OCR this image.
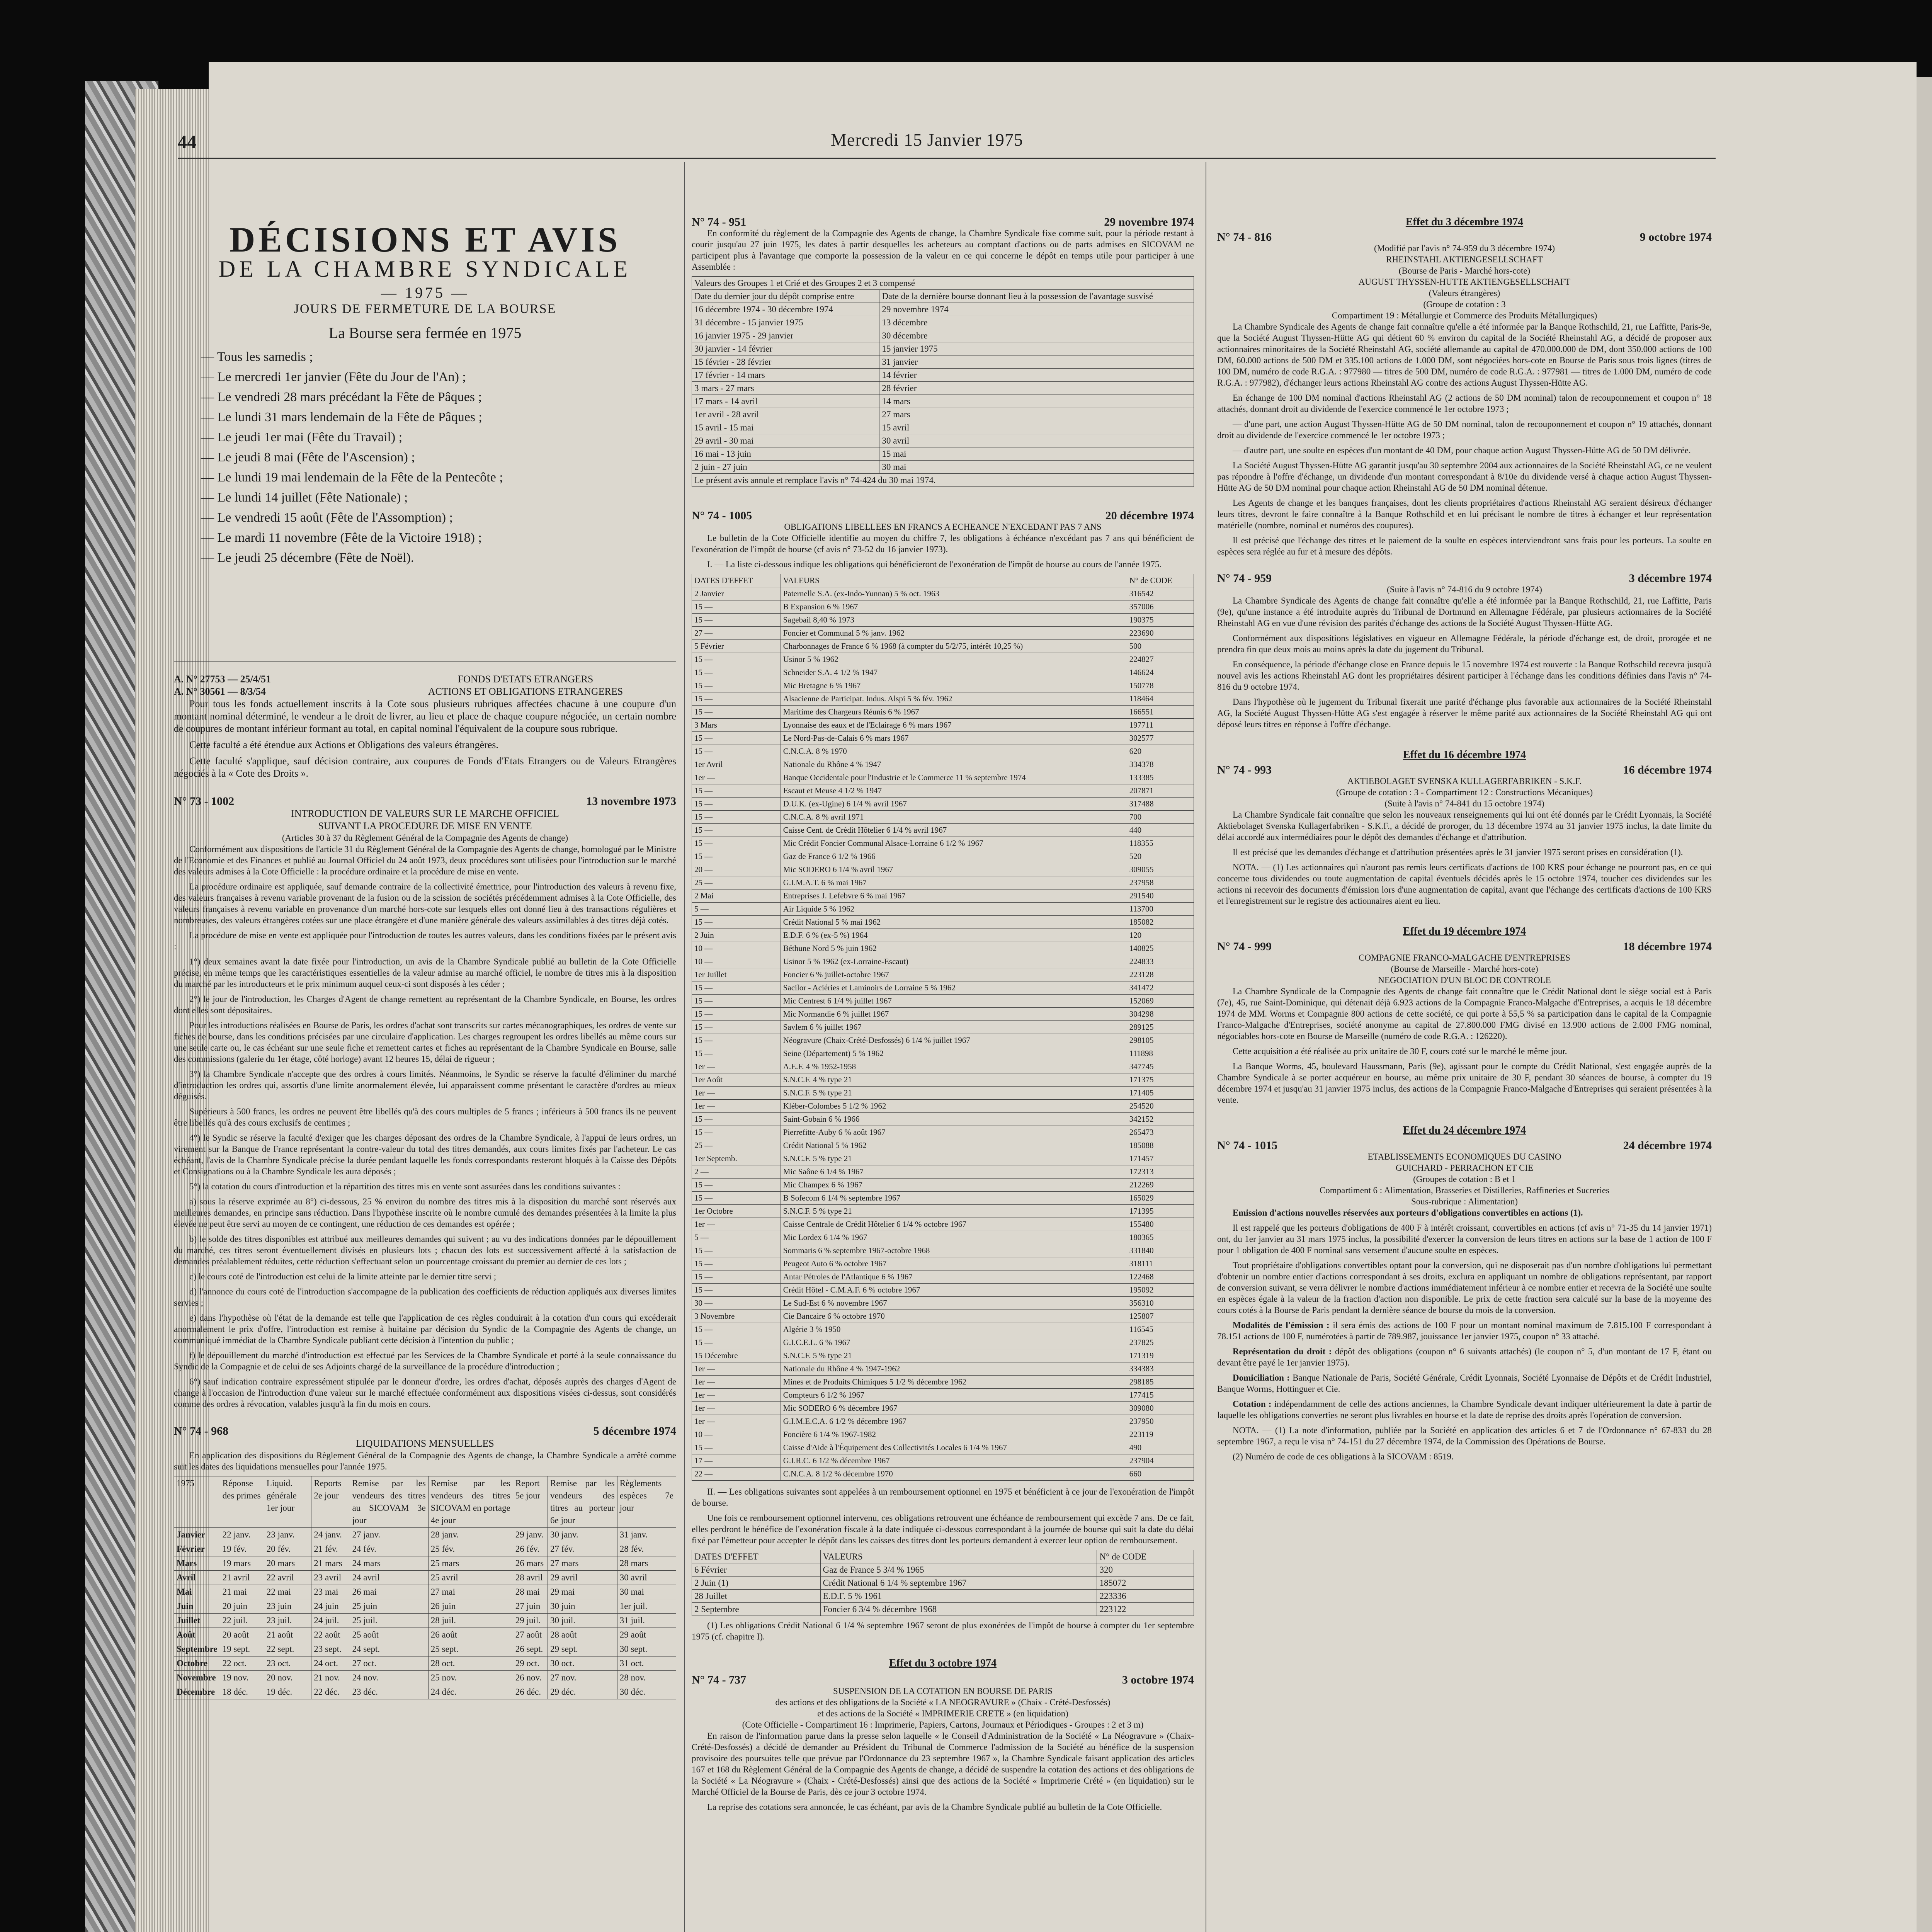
44	Mercredi 15 Janvier 1975
DÉCISIONS ET AVIS
DE LA CHAMBRE SYNDICALE
— 1975 —
JOURS DE FERMETURE DE LA BOURSE
La Bourse sera fermée en 1975
— Tous les samedis ;
— Le mercredi 1er janvier (Fête du Jour de l'An) ;
— Le vendredi 28 mars précédant la Fête de Pâques ;
— Le lundi 31 mars lendemain de la Fête de Pâques ;
— Le jeudi 1er mai (Fête du Travail) ;
— Le jeudi 8 mai (Fête de l'Ascension) ;
— Le lundi 19 mai lendemain de la Fête de la Pentecôte ;
— Le lundi 14 juillet (Fête Nationale) ;
— Le vendredi 15 août (Fête de l'Assomption) ;
— Le mardi 11 novembre (Fête de la Victoire 1918) ;
— Le jeudi 25 décembre (Fête de Noël).
A. N° 27753 — 25/4/51
A. N° 30561 — 8/3/54
FONDS D'ETATS ETRANGERS
ACTIONS ET OBLIGATIONS ETRANGERES

Pour tous les fonds actuellement inscrits à la Cote sous plusieurs rubriques affectées chacune à une coupure d'un montant nominal déterminé, le vendeur a le droit de livrer, au lieu et place de chaque coupure négociée, un certain nombre de coupures de montant inférieur formant au total, en capital nominal l'équivalent de la coupure sous rubrique.

Cette faculté a été étendue aux Actions et Obligations des valeurs étrangères.

Cette faculté s'applique, sauf décision contraire, aux coupures de Fonds d'Etats Etrangers ou de Valeurs Etrangères négociés à la « Cote des Droits ».

N° 73 - 1002	13 novembre 1973
INTRODUCTION DE VALEURS SUR LE MARCHE OFFICIEL
SUIVANT LA PROCEDURE DE MISE EN VENTE
(Articles 30 à 37 du Règlement Général de la Compagnie des Agents de change)

Conformément aux dispositions de l'article 31 du Règlement Général de la Compagnie des Agents de change, homologué par le Ministre de l'Economie et des Finances et publié au Journal Officiel du 24 août 1973, deux procédures sont utilisées pour l'introduction sur le marché des valeurs admises à la Cote Officielle : la procédure ordinaire et la procédure de mise en vente.

La procédure ordinaire est appliquée, sauf demande contraire de la collectivité émettrice, pour l'introduction des valeurs à revenu fixe, des valeurs françaises à revenu variable provenant de la fusion ou de la scission de sociétés précédemment admises à la Cote Officielle, des valeurs françaises à revenu variable en provenance d'un marché hors-cote sur lesquels elles ont donné lieu à des transactions régulières et nombreuses, des valeurs étrangères cotées sur une place étrangère et d'une manière générale des valeurs assimilables à des titres déjà cotés.

La procédure de mise en vente est appliquée pour l'introduction de toutes les autres valeurs, dans les conditions fixées par le présent avis :

1°) deux semaines avant la date fixée pour l'introduction, un avis de la Chambre Syndicale publié au bulletin de la Cote Officielle précise, en même temps que les caractéristiques essentielles de la valeur admise au marché officiel, le nombre de titres mis à la disposition du marché par les introducteurs et le prix minimum auquel ceux-ci sont disposés à les céder ;

2°) le jour de l'introduction, les Charges d'Agent de change remettent au représentant de la Chambre Syndicale, en Bourse, les ordres dont elles sont dépositaires.

Pour les introductions réalisées en Bourse de Paris, les ordres d'achat sont transcrits sur cartes mécanographiques, les ordres de vente sur fiches de bourse, dans les conditions précisées par une circulaire d'application. Les charges regroupent les ordres libellés au même cours sur une seule carte ou, le cas échéant sur une seule fiche et remettent cartes et fiches au représentant de la Chambre Syndicale en Bourse, salle des commissions (galerie du 1er étage, côté horloge) avant 12 heures 15, délai de rigueur ;

3°) la Chambre Syndicale n'accepte que des ordres à cours limités. Néanmoins, le Syndic se réserve la faculté d'éliminer du marché d'introduction les ordres qui, assortis d'une limite anormalement élevée, lui apparaissent comme présentant le caractère d'ordres au mieux déguisés.

Supérieurs à 500 francs, les ordres ne peuvent être libellés qu'à des cours multiples de 5 francs ; inférieurs à 500 francs ils ne peuvent être libellés qu'à des cours exclusifs de centimes ;

4°) le Syndic se réserve la faculté d'exiger que les charges déposant des ordres de la Chambre Syndicale, à l'appui de leurs ordres, un virement sur la Banque de France représentant la contre-valeur du total des titres demandés, aux cours limites fixés par l'acheteur. Le cas échéant, l'avis de la Chambre Syndicale précise la durée pendant laquelle les fonds correspondants resteront bloqués à la Caisse des Dépôts et Consignations ou à la Chambre Syndicale les aura déposés ;

5°) la cotation du cours d'introduction et la répartition des titres mis en vente sont assurées dans les conditions suivantes :

a) sous la réserve exprimée au 8°) ci-dessous, 25 % environ du nombre des titres mis à la disposition du marché sont réservés aux meilleures demandes, en principe sans réduction. Dans l'hypothèse inscrite où le nombre cumulé des demandes présentées à la limite la plus élevée ne peut être servi au moyen de ce contingent, une réduction de ces demandes est opérée ;

b) le solde des titres disponibles est attribué aux meilleures demandes qui suivent ; au vu des indications données par le dépouillement du marché, ces titres seront éventuellement divisés en plusieurs lots ; chacun des lots est successivement affecté à la satisfaction de demandes préalablement réduites, cette réduction s'effectuant selon un pourcentage croissant du premier au dernier de ces lots ;

c) le cours coté de l'introduction est celui de la limite atteinte par le dernier titre servi ;

d) l'annonce du cours coté de l'introduction s'accompagne de la publication des coefficients de réduction appliqués aux diverses limites servies ;

e) dans l'hypothèse où l'état de la demande est telle que l'application de ces règles conduirait à la cotation d'un cours qui excéderait anormalement le prix d'offre, l'introduction est remise à huitaine par décision du Syndic de la Compagnie des Agents de change, un communiqué immédiat de la Chambre Syndicale publiant cette décision à l'intention du public ;

f) le dépouillement du marché d'introduction est effectué par les Services de la Chambre Syndicale et porté à la seule connaissance du Syndic de la Compagnie et de celui de ses Adjoints chargé de la surveillance de la procédure d'introduction ;

6°) sauf indication contraire expressément stipulée par le donneur d'ordre, les ordres d'achat, déposés auprès des charges d'Agent de change à l'occasion de l'introduction d'une valeur sur le marché effectuée conformément aux dispositions visées ci-dessus, sont considérés comme des ordres à révocation, valables jusqu'à la fin du mois en cours.

N° 74 - 968	5 décembre 1974
LIQUIDATIONS MENSUELLES

En application des dispositions du Règlement Général de la Compagnie des Agents de change, la Chambre Syndicale a arrêté comme suit les dates des liquidations mensuelles pour l'année 1975.

1975	Réponse des primes	Liquid. générale 1er jour	Reports 2e jour	Remise par les vendeurs des titres au SICOVAM 3e jour	Remise par les vendeurs des titres SICOVAM en portage 4e jour	Report 5e jour	Remise par les vendeurs des titres au porteur 6e jour	Règlements espèces 7e jour
Janvier	22 janv.	23 janv.	24 janv.	27 janv.	28 janv.	29 janv.	30 janv.	31 janv.
Février	19 fév.	20 fév.	21 fév.	24 fév.	25 fév.	26 fév.	27 fév.	28 fév.
Mars	19 mars	20 mars	21 mars	24 mars	25 mars	26 mars	27 mars	28 mars
Avril	21 avril	22 avril	23 avril	24 avril	25 avril	28 avril	29 avril	30 avril
Mai	21 mai	22 mai	23 mai	26 mai	27 mai	28 mai	29 mai	30 mai
Juin	20 juin	23 juin	24 juin	25 juin	26 juin	27 juin	30 juin	1er juil.
Juillet	22 juil.	23 juil.	24 juil.	25 juil.	28 juil.	29 juil.	30 juil.	31 juil.
Août	20 août	21 août	22 août	25 août	26 août	27 août	28 août	29 août
Septembre	19 sept.	22 sept.	23 sept.	24 sept.	25 sept.	26 sept.	29 sept.	30 sept.
Octobre	22 oct.	23 oct.	24 oct.	27 oct.	28 oct.	29 oct.	30 oct.	31 oct.
Novembre	19 nov.	20 nov.	21 nov.	24 nov.	25 nov.	26 nov.	27 nov.	28 nov.
Décembre	18 déc.	19 déc.	22 déc.	23 déc.	24 déc.	26 déc.	29 déc.	30 déc.
N° 74 - 951	29 novembre 1974

En conformité du règlement de la Compagnie des Agents de change, la Chambre Syndicale fixe comme suit, pour la période restant à courir jusqu'au 27 juin 1975, les dates à partir desquelles les acheteurs au comptant d'actions ou de parts admises en SICOVAM ne participent plus à l'avantage que comporte la possession de la valeur en ce qui concerne le dépôt en temps utile pour participer à une Assemblée :

Valeurs des Groupes 1 et Crié et des Groupes 2 et 3 compensé	
Date du dernier jour du dépôt comprise entre	Date de la dernière bourse donnant lieu à la possession de l'avantage susvisé
16 décembre 1974 - 30 décembre 1974	29 novembre 1974
31 décembre - 15 janvier 1975	13 décembre
16 janvier 1975 - 29 janvier	30 décembre
30 janvier - 14 février	15 janvier 1975
15 février - 28 février	31 janvier
17 février - 14 mars	14 février
3 mars - 27 mars	28 février
17 mars - 14 avril	14 mars
1er avril - 28 avril	27 mars
15 avril - 15 mai	15 avril
29 avril - 30 mai	30 avril
16 mai - 13 juin	15 mai
2 juin - 27 juin	30 mai
Le présent avis annule et remplace l'avis n° 74-424 du 30 mai 1974.	
N° 74 - 1005	20 décembre 1974
OBLIGATIONS LIBELLEES EN FRANCS A ECHEANCE N'EXCEDANT PAS 7 ANS

Le bulletin de la Cote Officielle identifie au moyen du chiffre 7, les obligations à échéance n'excédant pas 7 ans qui bénéficient de l'exonération de l'impôt de bourse (cf avis n° 73-52 du 16 janvier 1973).

I. — La liste ci-dessous indique les obligations qui bénéficieront de l'exonération de l'impôt de bourse au cours de l'année 1975.

DATES D'EFFET	VALEURS	N° de CODE
2 Janvier	Paternelle S.A. (ex-Indo-Yunnan) 5 % oct. 1963	316542
15 —	B Expansion 6 % 1967	357006
15 —	Sagebail 8,40 % 1973	190375
27 —	Foncier et Communal 5 % janv. 1962	223690
5 Février	Charbonnages de France 6 % 1968 (à compter du 5/2/75, intérêt 10,25 %)	500
15 —	Usinor 5 % 1962	224827
15 —	Schneider S.A. 4 1/2 % 1947	146624
15 —	Mic Bretagne 6 % 1967	150778
15 —	Alsacienne de Participat. Indus. Alspi 5 % fév. 1962	118464
15 —	Maritime des Chargeurs Réunis 6 % 1967	166551
3 Mars	Lyonnaise des eaux et de l'Eclairage 6 % mars 1967	197711
15 —	Le Nord-Pas-de-Calais 6 % mars 1967	302577
15 —	C.N.C.A. 8 % 1970	620
1er Avril	Nationale du Rhône 4 % 1947	334378
1er —	Banque Occidentale pour l'Industrie et le Commerce 11 % septembre 1974	133385
15 —	Escaut et Meuse 4 1/2 % 1947	207871
15 —	D.U.K. (ex-Ugine) 6 1/4 % avril 1967	317488
15 —	C.N.C.A. 8 % avril 1971	700
15 —	Caisse Cent. de Crédit Hôtelier 6 1/4 % avril 1967	440
15 —	Mic Crédit Foncier Communal Alsace-Lorraine 6 1/2 % 1967	118355
15 —	Gaz de France 6 1/2 % 1966	520
20 —	Mic SODERO 6 1/4 % avril 1967	309055
25 —	G.I.M.A.T. 6 % mai 1967	237958
2 Mai	Entreprises J. Lefebvre 6 % mai 1967	291540
5 —	Air Liquide 5 % 1962	113700
15 —	Crédit National 5 % mai 1962	185082
2 Juin	E.D.F. 6 % (ex-5 %) 1964	120
10 —	Béthune Nord 5 % juin 1962	140825
10 —	Usinor 5 % 1962 (ex-Lorraine-Escaut)	224833
1er Juillet	Foncier 6 % juillet-octobre 1967	223128
15 —	Sacilor - Aciéries et Laminoirs de Lorraine 5 % 1962	341472
15 —	Mic Centrest 6 1/4 % juillet 1967	152069
15 —	Mic Normandie 6 % juillet 1967	304298
15 —	Savlem 6 % juillet 1967	289125
15 —	Néogravure (Chaix-Crété-Desfossés) 6 1/4 % juillet 1967	298105
15 —	Seine (Département) 5 % 1962	111898
1er —	A.E.F. 4 % 1952-1958	347745
1er Août	S.N.C.F. 4 % type 21	171375
1er —	S.N.C.F. 5 % type 21	171405
1er —	Kléber-Colombes 5 1/2 % 1962	254520
15 —	Saint-Gobain 6 % 1966	342152
15 —	Pierrefitte-Auby 6 % août 1967	265473
25 —	Crédit National 5 % 1962	185088
1er Septemb.	S.N.C.F. 5 % type 21	171457
2 —	Mic Saône 6 1/4 % 1967	172313
15 —	Mic Champex 6 % 1967	212269
15 —	B Sofecom 6 1/4 % septembre 1967	165029
1er Octobre	S.N.C.F. 5 % type 21	171395
1er —	Caisse Centrale de Crédit Hôtelier 6 1/4 % octobre 1967	155480
5 —	Mic Lordex 6 1/4 % 1967	180365
15 —	Sommaris 6 % septembre 1967-octobre 1968	331840
15 —	Peugeot Auto 6 % octobre 1967	318111
15 —	Antar Pétroles de l'Atlantique 6 % 1967	122468
15 —	Crédit Hôtel - C.M.A.F. 6 % octobre 1967	195092
30 —	Le Sud-Est 6 % novembre 1967	356310
3 Novembre	Cie Bancaire 6 % octobre 1970	125807
15 —	Algérie 3 % 1950	116545
15 —	G.I.C.E.L. 6 % 1967	237825
15 Décembre	S.N.C.F. 5 % type 21	171319
1er —	Nationale du Rhône 4 % 1947-1962	334383
1er —	Mines et de Produits Chimiques 5 1/2 % décembre 1962	298185
1er —	Compteurs 6 1/2 % 1967	177415
1er —	Mic SODERO 6 % décembre 1967	309080
1er —	G.I.M.E.C.A. 6 1/2 % décembre 1967	237950
10 —	Foncière 6 1/4 % 1967-1982	223119
15 —	Caisse d'Aide à l'Équipement des Collectivités Locales 6 1/4 % 1967	490
17 —	G.I.R.C. 6 1/2 % décembre 1967	237904
22 —	C.N.C.A. 8 1/2 % décembre 1970	660

II. — Les obligations suivantes sont appelées à un remboursement optionnel en 1975 et bénéficient à ce jour de l'exonération de l'impôt de bourse.

Une fois ce remboursement optionnel intervenu, ces obligations retrouvent une échéance de remboursement qui excède 7 ans. De ce fait, elles perdront le bénéfice de l'exonération fiscale à la date indiquée ci-dessous correspondant à la journée de bourse qui suit la date du délai fixé par l'émetteur pour accepter le dépôt dans les caisses des titres dont les porteurs demandent à exercer leur option de remboursement.

DATES D'EFFET	VALEURS	N° de CODE
6 Février	Gaz de France 5 3/4 % 1965	320
2 Juin (1)	Crédit National 6 1/4 % septembre 1967	185072
28 Juillet	E.D.F. 5 % 1961	223336
2 Septembre	Foncier 6 3/4 % décembre 1968	223122

(1) Les obligations Crédit National 6 1/4 % septembre 1967 seront de plus exonérées de l'impôt de bourse à compter du 1er septembre 1975 (cf. chapitre I).

Effet du 3 octobre 1974
N° 74 - 737	3 octobre 1974
SUSPENSION DE LA COTATION EN BOURSE DE PARIS
des actions et des obligations de la Société « LA NEOGRAVURE » (Chaix - Crété-Desfossés)
et des actions de la Société « IMPRIMERIE CRETE » (en liquidation)
(Cote Officielle - Compartiment 16 : Imprimerie, Papiers, Cartons, Journaux et Périodiques - Groupes : 2 et 3 m)

En raison de l'information parue dans la presse selon laquelle « le Conseil d'Administration de la Société « La Néogravure » (Chaix-Crété-Desfossés) a décidé de demander au Président du Tribunal de Commerce l'admission de la Société au bénéfice de la suspension provisoire des poursuites telle que prévue par l'Ordonnance du 23 septembre 1967 », la Chambre Syndicale faisant application des articles 167 et 168 du Règlement Général de la Compagnie des Agents de change, a décidé de suspendre la cotation des actions et des obligations de la Société « La Néogravure » (Chaix - Crété-Desfossés) ainsi que des actions de la Société « Imprimerie Crété » (en liquidation) sur le Marché Officiel de la Bourse de Paris, dès ce jour 3 octobre 1974.

La reprise des cotations sera annoncée, le cas échéant, par avis de la Chambre Syndicale publié au bulletin de la Cote Officielle.

Effet du 3 décembre 1974
N° 74 - 816	9 octobre 1974
(Modifié par l'avis n° 74-959 du 3 décembre 1974)
RHEINSTAHL AKTIENGESELLSCHAFT
(Bourse de Paris - Marché hors-cote)
AUGUST THYSSEN-HUTTE AKTIENGESELLSCHAFT
(Valeurs étrangères)
(Groupe de cotation : 3
Compartiment 19 : Métallurgie et Commerce des Produits Métallurgiques)

La Chambre Syndicale des Agents de change fait connaître qu'elle a été informée par la Banque Rothschild, 21, rue Laffitte, Paris-9e, que la Société August Thyssen-Hütte AG qui détient 60 % environ du capital de la Société Rheinstahl AG, a décidé de proposer aux actionnaires minoritaires de la Société Rheinstahl AG, société allemande au capital de 470.000.000 de DM, dont 350.000 actions de 100 DM, 60.000 actions de 500 DM et 335.100 actions de 1.000 DM, sont négociées hors-cote en Bourse de Paris sous trois lignes (titres de 100 DM, numéro de code R.G.A. : 977980 — titres de 500 DM, numéro de code R.G.A. : 977981 — titres de 1.000 DM, numéro de code R.G.A. : 977982), d'échanger leurs actions Rheinstahl AG contre des actions August Thyssen-Hütte AG.

En échange de 100 DM nominal d'actions Rheinstahl AG (2 actions de 50 DM nominal) talon de recouponnement et coupon n° 18 attachés, donnant droit au dividende de l'exercice commencé le 1er octobre 1973 ;

— d'une part, une action August Thyssen-Hütte AG de 50 DM nominal, talon de recouponnement et coupon n° 19 attachés, donnant droit au dividende de l'exercice commencé le 1er octobre 1973 ;

— d'autre part, une soulte en espèces d'un montant de 40 DM, pour chaque action August Thyssen-Hütte AG de 50 DM délivrée.

La Société August Thyssen-Hütte AG garantit jusqu'au 30 septembre 2004 aux actionnaires de la Société Rheinstahl AG, ce ne veulent pas répondre à l'offre d'échange, un dividende d'un montant correspondant à 8/10e du dividende versé à chaque action August Thyssen-Hütte AG de 50 DM nominal pour chaque action Rheinstahl AG de 50 DM nominal détenue.

Les Agents de change et les banques françaises, dont les clients propriétaires d'actions Rheinstahl AG seraient désireux d'échanger leurs titres, devront le faire connaître à la Banque Rothschild et en lui précisant le nombre de titres à échanger et leur représentation matérielle (nombre, nominal et numéros des coupures).

Il est précisé que l'échange des titres et le paiement de la soulte en espèces interviendront sans frais pour les porteurs. La soulte en espèces sera réglée au fur et à mesure des dépôts.

N° 74 - 959	3 décembre 1974
(Suite à l'avis n° 74-816 du 9 octobre 1974)

La Chambre Syndicale des Agents de change fait connaître qu'elle a été informée par la Banque Rothschild, 21, rue Laffitte, Paris (9e), qu'une instance a été introduite auprès du Tribunal de Dortmund en Allemagne Fédérale, par plusieurs actionnaires de la Société Rheinstahl AG en vue d'une révision des parités d'échange des actions de la Société August Thyssen-Hütte AG.

Conformément aux dispositions législatives en vigueur en Allemagne Fédérale, la période d'échange est, de droit, prorogée et ne prendra fin que deux mois au moins après la date du jugement du Tribunal.

En conséquence, la période d'échange close en France depuis le 15 novembre 1974 est rouverte : la Banque Rothschild recevra jusqu'à nouvel avis les actions Rheinstahl AG dont les propriétaires désirent participer à l'échange dans les conditions définies dans l'avis n° 74-816 du 9 octobre 1974.

Dans l'hypothèse où le jugement du Tribunal fixerait une parité d'échange plus favorable aux actionnaires de la Société Rheinstahl AG, la Société August Thyssen-Hütte AG s'est engagée à réserver le même parité aux actionnaires de la Société Rheinstahl AG qui ont déposé leurs titres en réponse à l'offre d'échange.

Effet du 16 décembre 1974
N° 74 - 993	16 décembre 1974
AKTIEBOLAGET SVENSKA KULLAGERFABRIKEN - S.K.F.
(Groupe de cotation : 3 - Compartiment 12 : Constructions Mécaniques)
(Suite à l'avis n° 74-841 du 15 octobre 1974)

La Chambre Syndicale fait connaître que selon les nouveaux renseignements qui lui ont été donnés par le Crédit Lyonnais, la Société Aktiebolaget Svenska Kullagerfabriken - S.K.F., a décidé de proroger, du 13 décembre 1974 au 31 janvier 1975 inclus, la date limite du délai accordé aux intermédiaires pour le dépôt des demandes d'échange et d'attribution.

Il est précisé que les demandes d'échange et d'attribution présentées après le 31 janvier 1975 seront prises en considération (1).

NOTA. — (1) Les actionnaires qui n'auront pas remis leurs certificats d'actions de 100 KRS pour échange ne pourront pas, en ce qui concerne tous dividendes ou toute augmentation de capital éventuels décidés après le 15 octobre 1974, toucher ces dividendes sur les actions ni recevoir des documents d'émission lors d'une augmentation de capital, avant que l'échange des certificats d'actions de 100 KRS et l'enregistrement sur le registre des actionnaires aient eu lieu.

Effet du 19 décembre 1974
N° 74 - 999	18 décembre 1974
COMPAGNIE FRANCO-MALGACHE D'ENTREPRISES
(Bourse de Marseille - Marché hors-cote)
NEGOCIATION D'UN BLOC DE CONTROLE

La Chambre Syndicale de la Compagnie des Agents de change fait connaître que le Crédit National dont le siège social est à Paris (7e), 45, rue Saint-Dominique, qui détenait déjà 6.923 actions de la Compagnie Franco-Malgache d'Entreprises, a acquis le 18 décembre 1974 de MM. Worms et Compagnie 800 actions de cette société, ce qui porte à 55,5 % sa participation dans le capital de la Compagnie Franco-Malgache d'Entreprises, société anonyme au capital de 27.800.000 FMG divisé en 13.900 actions de 2.000 FMG nominal, négociables hors-cote en Bourse de Marseille (numéro de code R.G.A. : 126220).

Cette acquisition a été réalisée au prix unitaire de 30 F, cours coté sur le marché le même jour.

La Banque Worms, 45, boulevard Haussmann, Paris (9e), agissant pour le compte du Crédit National, s'est engagée auprès de la Chambre Syndicale à se porter acquéreur en bourse, au même prix unitaire de 30 F, pendant 30 séances de bourse, à compter du 19 décembre 1974 et jusqu'au 31 janvier 1975 inclus, des actions de la Compagnie Franco-Malgache d'Entreprises qui seraient présentées à la vente.

Effet du 24 décembre 1974
N° 74 - 1015	24 décembre 1974
ETABLISSEMENTS ECONOMIQUES DU CASINO
GUICHARD - PERRACHON ET CIE
(Groupes de cotation : B et 1
Compartiment 6 : Alimentation, Brasseries et Distilleries, Raffineries et Sucreries
Sous-rubrique : Alimentation)

Emission d'actions nouvelles réservées aux porteurs d'obligations convertibles en actions (1).

Il est rappelé que les porteurs d'obligations de 400 F à intérêt croissant, convertibles en actions (cf avis n° 71-35 du 14 janvier 1971) ont, du 1er janvier au 31 mars 1975 inclus, la possibilité d'exercer la conversion de leurs titres en actions sur la base de 1 action de 100 F pour 1 obligation de 400 F nominal sans versement d'aucune soulte en espèces.

Tout propriétaire d'obligations convertibles optant pour la conversion, qui ne disposerait pas d'un nombre d'obligations lui permettant d'obtenir un nombre entier d'actions correspondant à ses droits, exclura en appliquant un nombre de obligations représentant, par rapport de conversion suivant, se verra délivrer le nombre d'actions immédiatement inférieur à ce nombre entier et recevra de la Société une soulte en espèces égale à la valeur de la fraction d'action non disponible. Le prix de cette fraction sera calculé sur la base de la moyenne des cours cotés à la Bourse de Paris pendant la dernière séance de bourse du mois de la conversion.

Modalités de l'émission : il sera émis des actions de 100 F pour un montant nominal maximum de 7.815.100 F correspondant à 78.151 actions de 100 F, numérotées à partir de 789.987, jouissance 1er janvier 1975, coupon n° 33 attaché.

Représentation du droit : dépôt des obligations (coupon n° 6 suivants attachés) (le coupon n° 5, d'un montant de 17 F, étant ou devant être payé le 1er janvier 1975).

Domiciliation : Banque Nationale de Paris, Société Générale, Crédit Lyonnais, Société Lyonnaise de Dépôts et de Crédit Industriel, Banque Worms, Hottinguer et Cie.

Cotation : indépendamment de celle des actions anciennes, la Chambre Syndicale devant indiquer ultérieurement la date à partir de laquelle les obligations converties ne seront plus livrables en bourse et la date de reprise des droits après l'opération de conversion.

NOTA. — (1) La note d'information, publiée par la Société en application des articles 6 et 7 de l'Ordonnance n° 67-833 du 28 septembre 1967, a reçu le visa n° 74-151 du 27 décembre 1974, de la Commission des Opérations de Bourse.

(2) Numéro de code de ces obligations à la SICOVAM : 8519.
